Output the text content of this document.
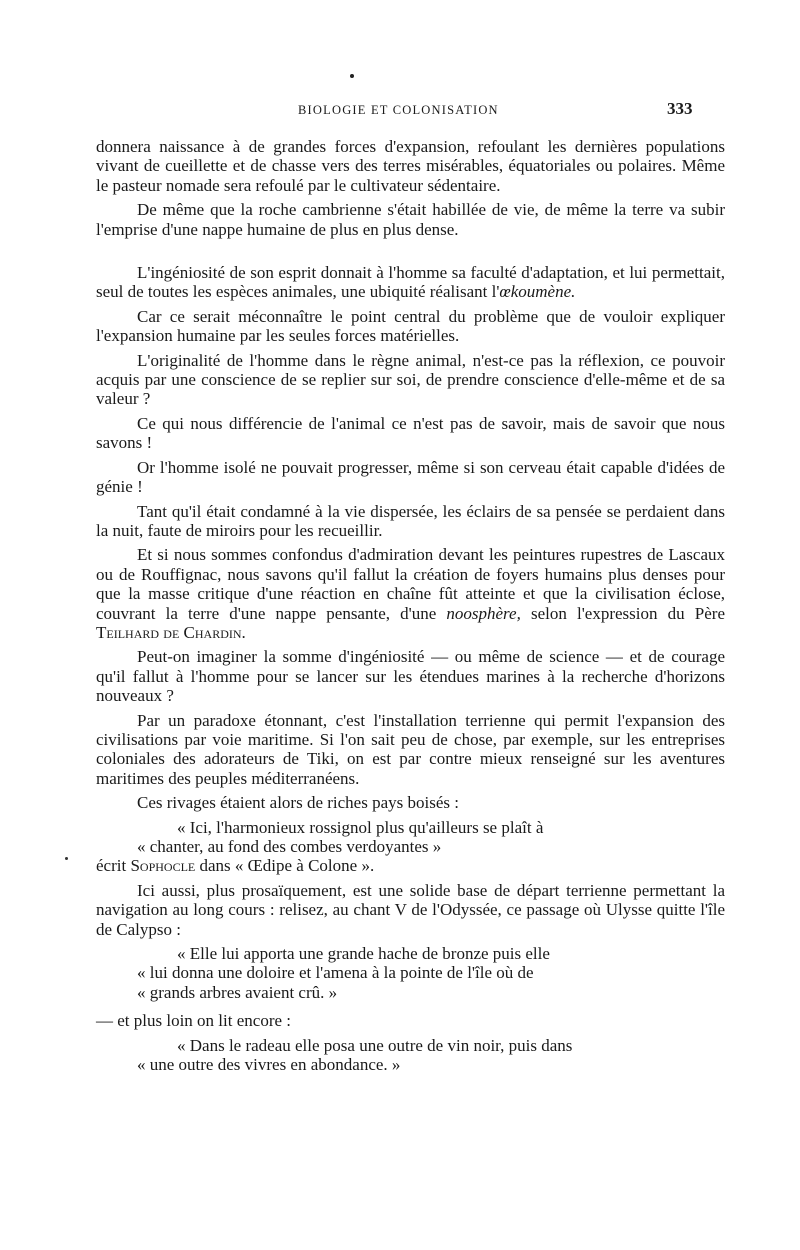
BIOLOGIE ET COLONISATION	333

donnera naissance à de grandes forces d'expansion, refoulant les dernières populations vivant de cueillette et de chasse vers des terres misérables, équatoriales ou polaires. Même le pasteur nomade sera refoulé par le cultivateur sédentaire.

De même que la roche cambrienne s'était habillée de vie, de même la terre va subir l'emprise d'une nappe humaine de plus en plus dense.

L'ingéniosité de son esprit donnait à l'homme sa faculté d'adaptation, et lui permettait, seul de toutes les espèces animales, une ubiquité réalisant l'œkoumène.

Car ce serait méconnaître le point central du problème que de vouloir expliquer l'expansion humaine par les seules forces matérielles.

L'originalité de l'homme dans le règne animal, n'est-ce pas la réflexion, ce pouvoir acquis par une conscience de se replier sur soi, de prendre conscience d'elle-même et de sa valeur ?

Ce qui nous différencie de l'animal ce n'est pas de savoir, mais de savoir que nous savons !

Or l'homme isolé ne pouvait progresser, même si son cerveau était capable d'idées de génie !

Tant qu'il était condamné à la vie dispersée, les éclairs de sa pensée se perdaient dans la nuit, faute de miroirs pour les recueillir.

Et si nous sommes confondus d'admiration devant les peintures rupestres de Lascaux ou de Rouffignac, nous savons qu'il fallut la création de foyers humains plus denses pour que la masse critique d'une réaction en chaîne fût atteinte et que la civilisation éclose, couvrant la terre d'une nappe pensante, d'une noosphère, selon l'expression du Père Teilhard de Chardin.

Peut-on imaginer la somme d'ingéniosité — ou même de science — et de courage qu'il fallut à l'homme pour se lancer sur les étendues marines à la recherche d'horizons nouveaux ?

Par un paradoxe étonnant, c'est l'installation terrienne qui permit l'expansion des civilisations par voie maritime. Si l'on sait peu de chose, par exemple, sur les entreprises coloniales des adorateurs de Tiki, on est par contre mieux renseigné sur les aventures maritimes des peuples méditerranéens.

Ces rivages étaient alors de riches pays boisés :

« Ici, l'harmonieux rossignol plus qu'ailleurs se plaît à

« chanter, au fond des combes verdoyantes »

écrit Sophocle dans « Œdipe à Colone ».

Ici aussi, plus prosaïquement, est une solide base de départ terrienne permettant la navigation au long cours : relisez, au chant V de l'Odyssée, ce passage où Ulysse quitte l'île de Calypso :

« Elle lui apporta une grande hache de bronze puis elle

« lui donna une doloire et l'amena à la pointe de l'île où de

« grands arbres avaient crû. »

— et plus loin on lit encore :

« Dans le radeau elle posa une outre de vin noir, puis dans

« une outre des vivres en abondance. »
